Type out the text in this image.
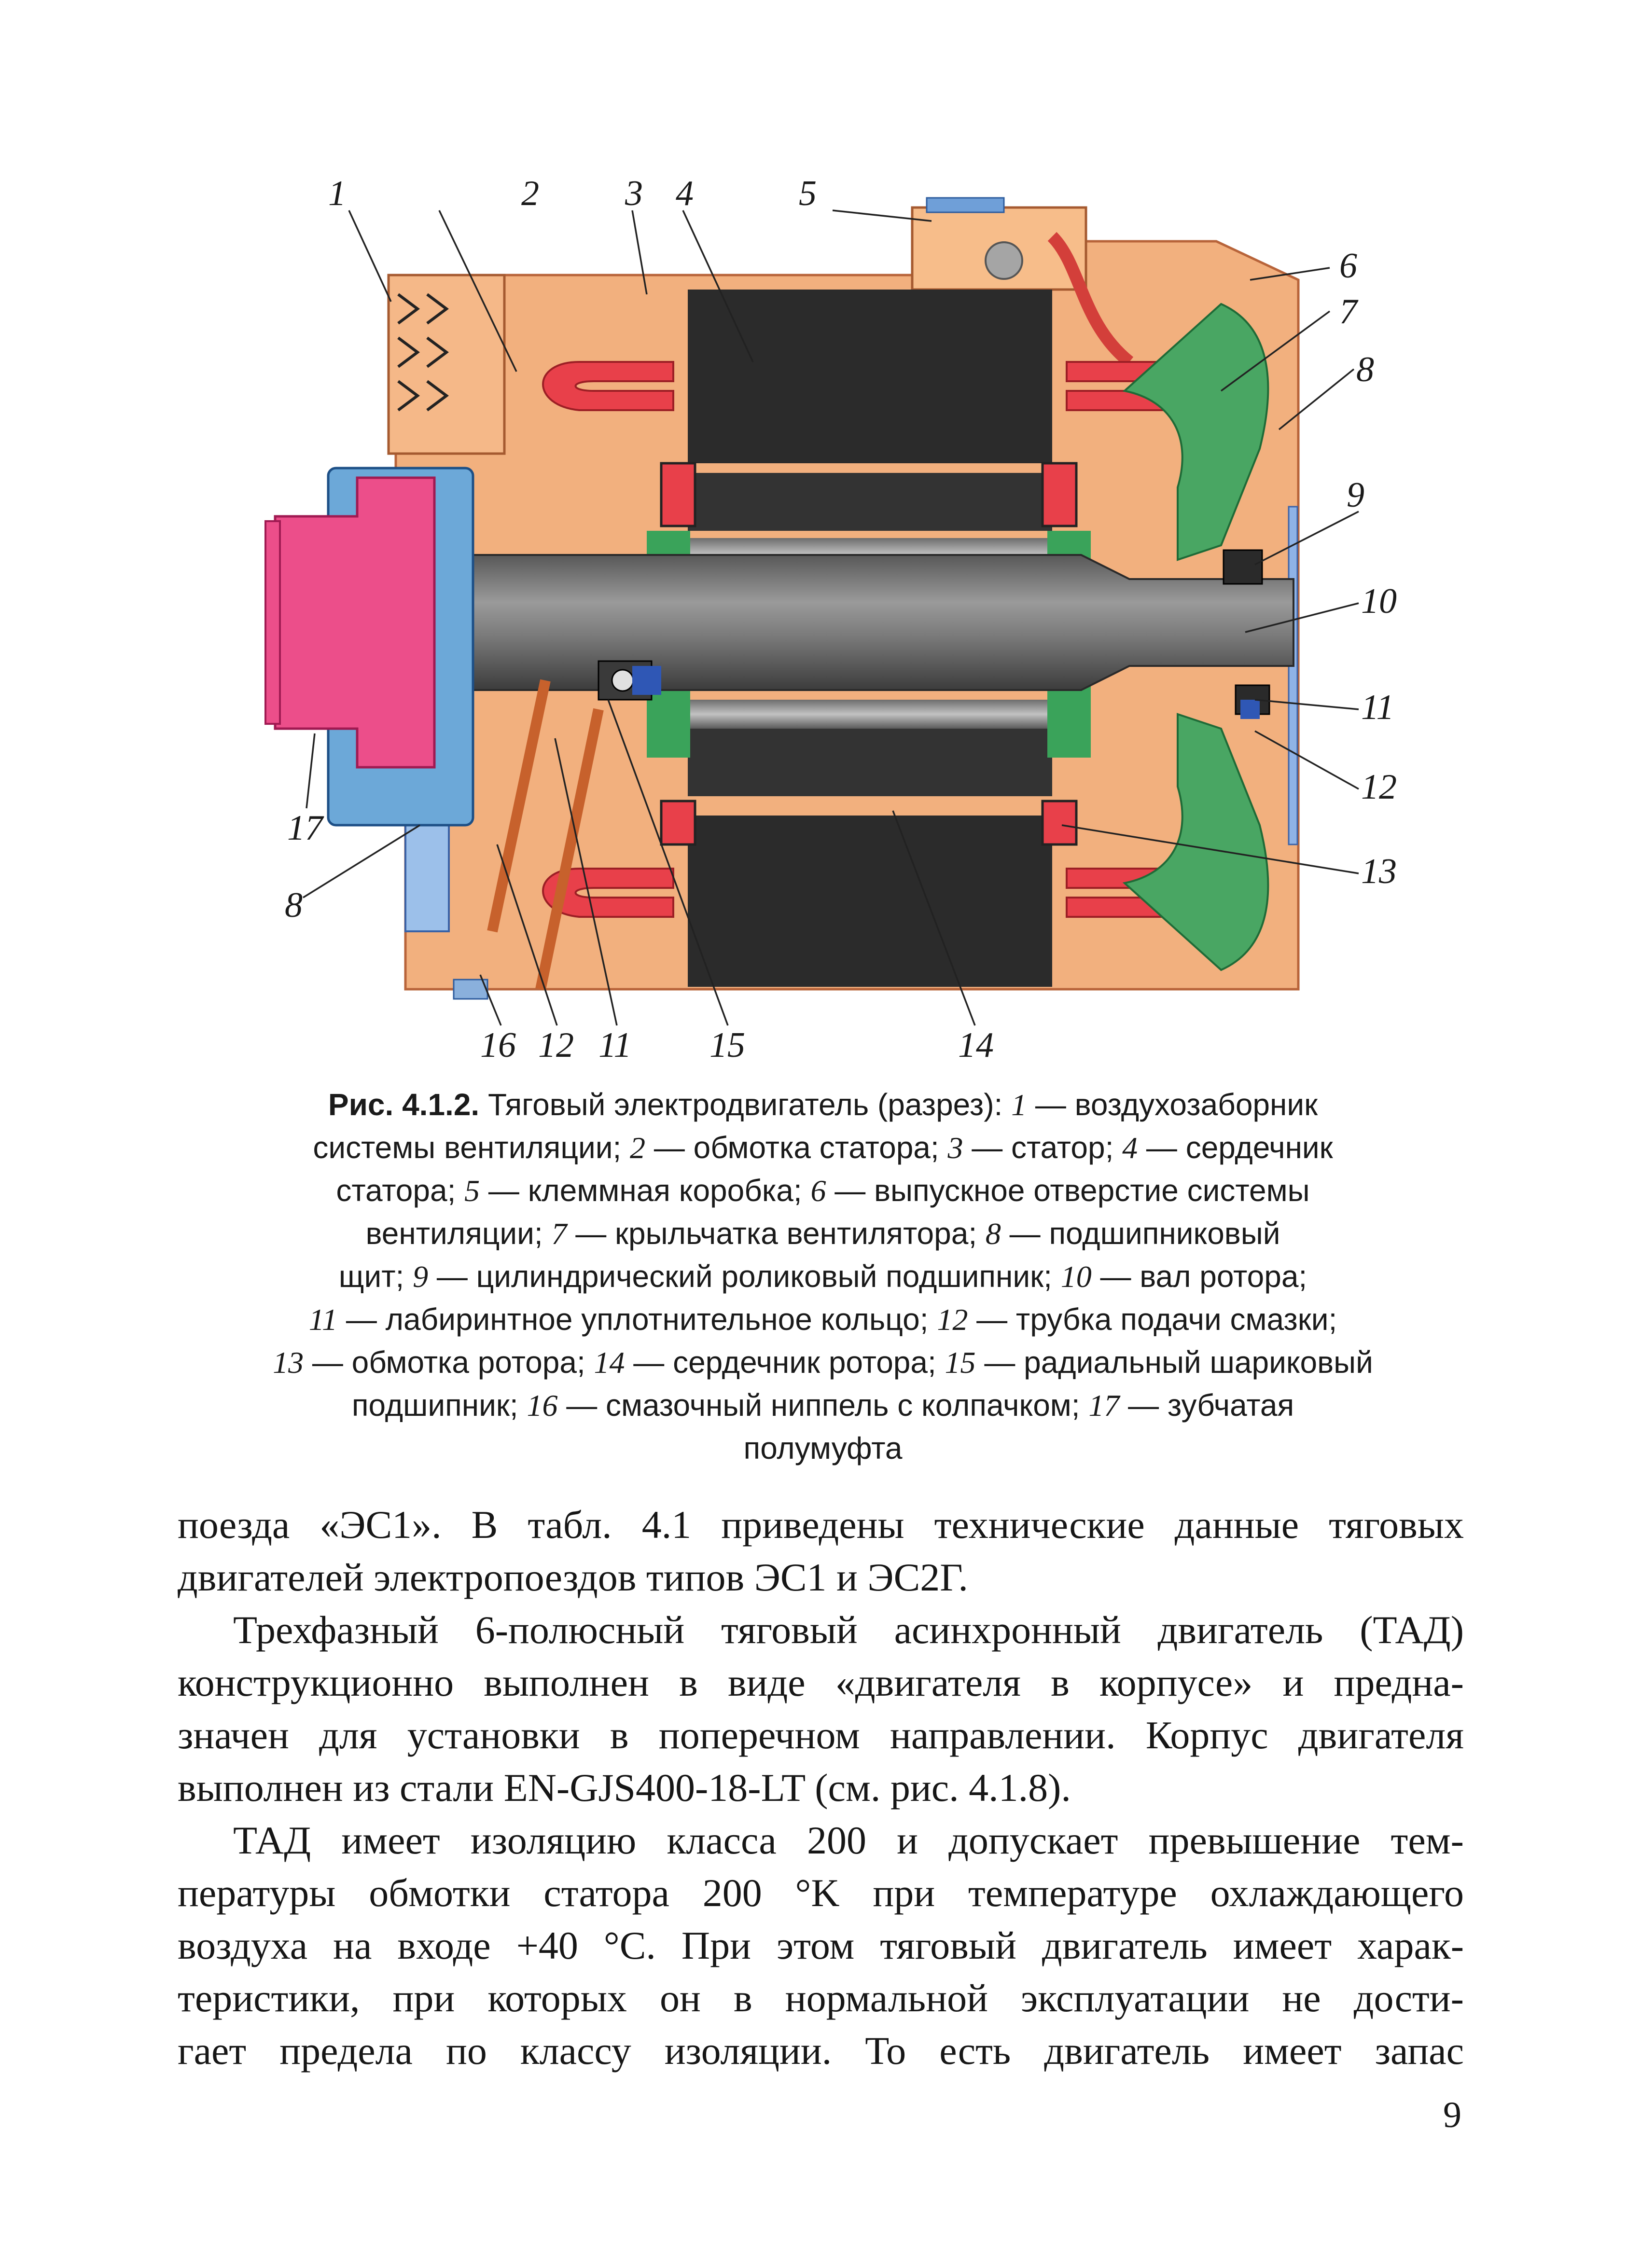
1	2 3 4	5
6
7
8
9
10
11
12
13
17
8
16 12 11 15	14
Рис. 4.1.2. Тяговый электродвигатель (разрез): 1 — воздухозаборник
системы вентиляции; 2 — обмотка статора; 3 — статор; 4 — сердечник
статора; 5 — клеммная коробка; 6 — выпускное отверстие системы
вентиляции; 7 — крыльчатка вентилятора; 8 — подшипниковый
щит; 9 — цилиндрический роликовый подшипник; 10 — вал ротора;
11 — лабиринтное уплотнительное кольцо; 12 — трубка подачи смазки;
13 — обмотка ротора; 14 — сердечник ротора; 15 — радиальный шариковый
подшипник; 16 — смазочный ниппель с колпачком; 17 — зубчатая
полумуфта
поезда «ЭС1». В табл. 4.1 приведены технические данные тяговых
двигателей электропоездов типов ЭС1 и ЭС2Г.
Трехфазный 6-полюсный тяговый асинхронный двигатель (ТАД)
конструкционно выполнен в виде «двигателя в корпусе» и предна-
значен для установки в поперечном направлении. Корпус двигателя
выполнен из стали EN-GJS400-18-LT (см. рис. 4.1.8).
ТАД имеет изоляцию класса 200 и допускает превышение тем-
пературы обмотки статора 200 °K при температуре охлаждающего
воздуха на входе +40 °С. При этом тяговый двигатель имеет харак-
теристики, при которых он в нормальной эксплуатации не дости-
гает предела по классу изоляции. То есть двигатель имеет запас
9
